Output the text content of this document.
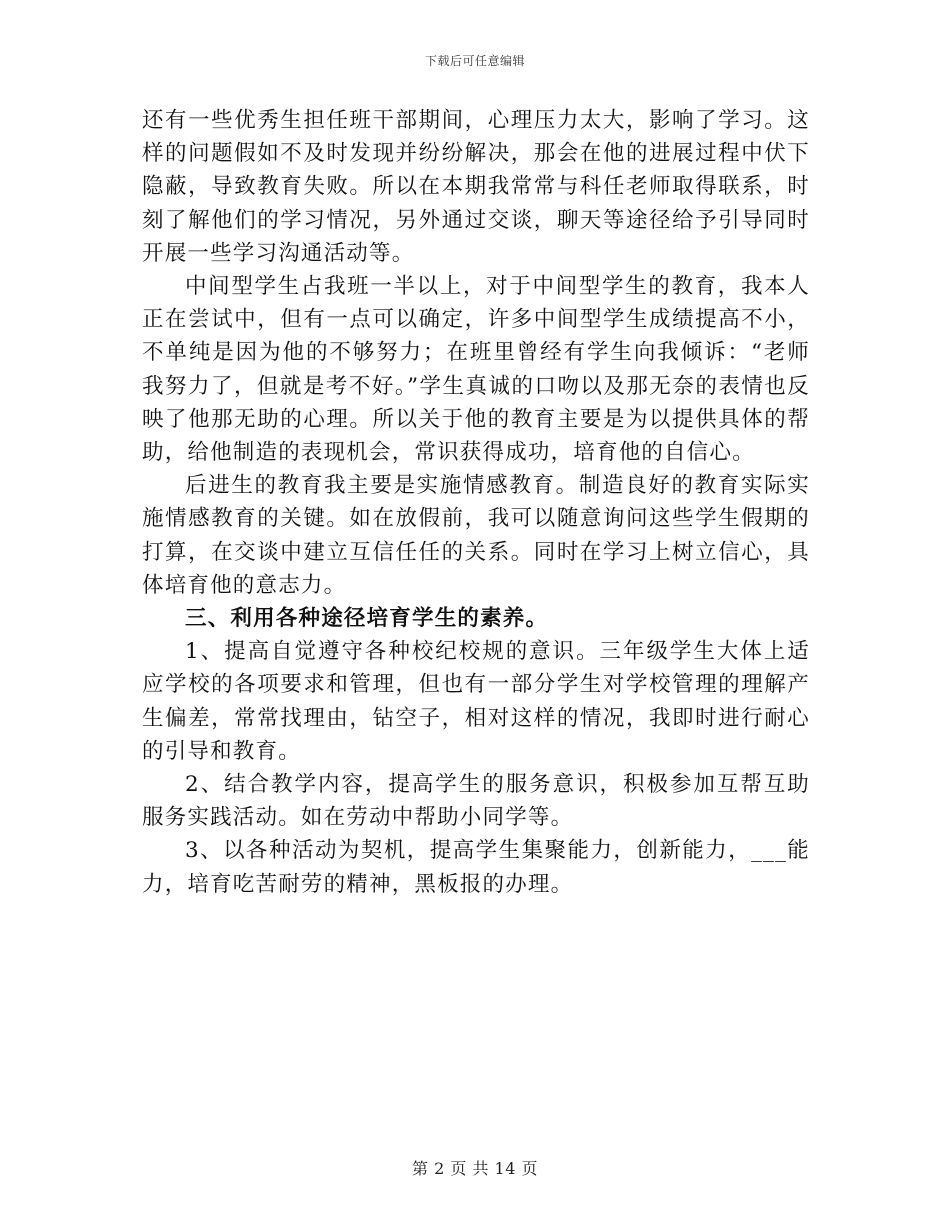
下载后可任意编辑

还有一些优秀生担任班干部期间，心理压力太大，影响了学习。这样的问题假如不及时发现并纷纷解决，那会在他的进展过程中伏下隐蔽，导致教育失败。所以在本期我常常与科任老师取得联系，时刻了解他们的学习情况，另外通过交谈，聊天等途径给予引导同时开展一些学习沟通活动等。

中间型学生占我班一半以上，对于中间型学生的教育，我本人正在尝试中，但有一点可以确定，许多中间型学生成绩提高不小，不单纯是因为他的不够努力；在班里曾经有学生向我倾诉：“老师我努力了，但就是考不好。”学生真诚的口吻以及那无奈的表情也反映了他那无助的心理。所以关于他的教育主要是为以提供具体的帮助，给他制造的表现机会，常识获得成功，培育他的自信心。

后进生的教育我主要是实施情感教育。制造良好的教育实际实施情感教育的关键。如在放假前，我可以随意询问这些学生假期的打算，在交谈中建立互信任任的关系。同时在学习上树立信心，具体培育他的意志力。

三、利用各种途径培育学生的素养。

1、提高自觉遵守各种校纪校规的意识。三年级学生大体上适应学校的各项要求和管理，但也有一部分学生对学校管理的理解产生偏差，常常找理由，钻空子，相对这样的情况，我即时进行耐心的引导和教育。

2、结合教学内容，提高学生的服务意识，积极参加互帮互助服务实践活动。如在劳动中帮助小同学等。

3、以各种活动为契机，提高学生集聚能力，创新能力，___能力，培育吃苦耐劳的精神，黑板报的办理。

第 2 页 共 14 页
